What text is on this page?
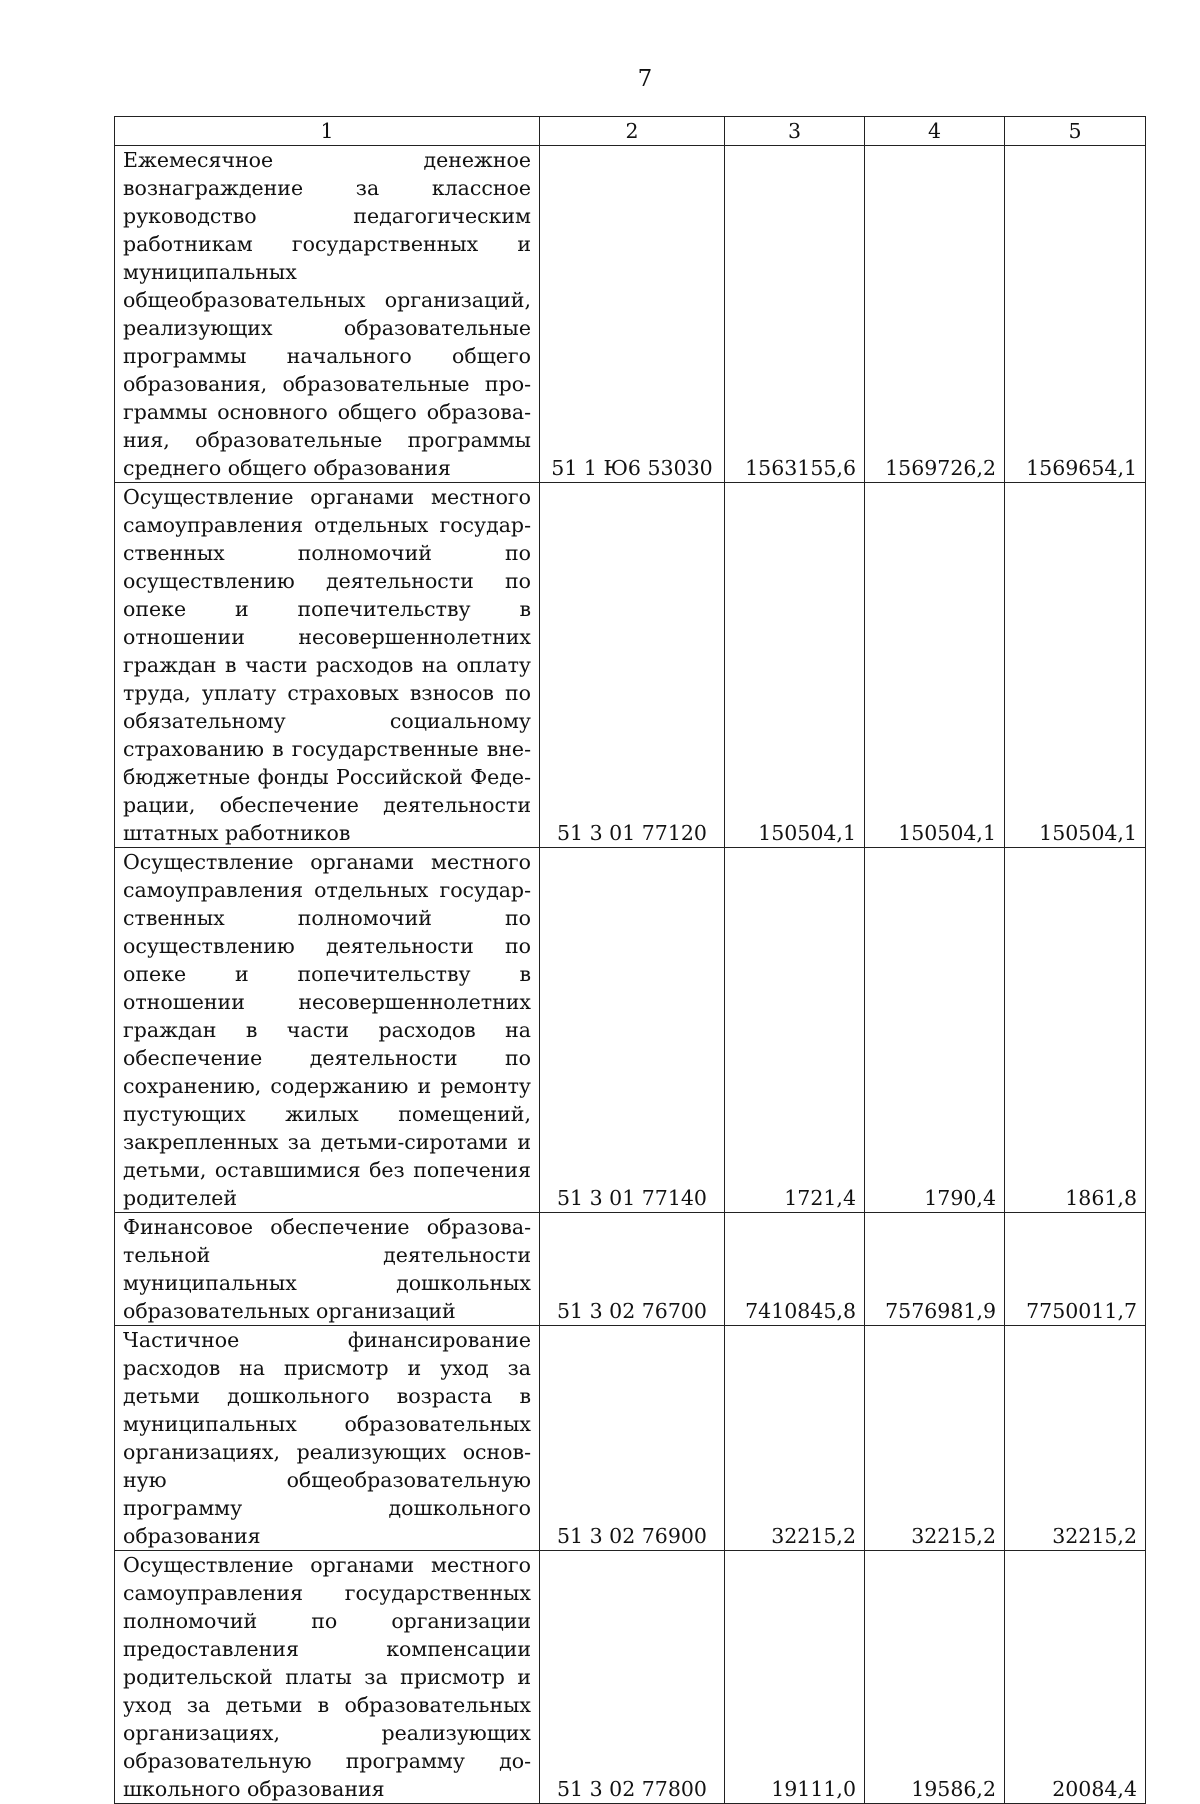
7
1	2	3	4	5
Ежемесячное денежное вознаграждение за классное руководство педагогическим работникам государственных и муниципальных общеобразовательных организаций, реализующих образовательные программы начального общего образования, образовательные программы основного общего образования, образовательные программы среднего общего образования	51 1 Ю6 53030	1563155,6	1569726,2	1569654,1
Осуществление органами местного самоуправления отдельных государственных полномочий по осуществлению деятельности по опеке и попечительству в отношении несовершеннолетних граждан в части расходов на оплату труда, уплату страховых взносов по обязательному социальному страхованию в государственные внебюджетные фонды Российской Федерации, обеспечение деятельности штатных работников	51 3 01 77120	150504,1	150504,1	150504,1
Осуществление органами местного самоуправления отдельных государственных полномочий по осуществлению деятельности по опеке и попечительству в отношении несовершеннолетних граждан в части расходов на обеспечение деятельности по сохранению, содержанию и ремонту пустующих жилых помещений, закрепленных за детьми-сиротами и детьми, оставшимися без попечения родителей	51 3 01 77140	1721,4	1790,4	1861,8
Финансовое обеспечение образовательной деятельности муниципальных дошкольных образовательных организаций	51 3 02 76700	7410845,8	7576981,9	7750011,7
Частичное финансирование расходов на присмотр и уход за детьми дошкольного возраста в муниципальных образовательных организациях, реализующих основную общеобразовательную программу дошкольного образования	51 3 02 76900	32215,2	32215,2	32215,2
Осуществление органами местного самоуправления государственных полномочий по организации предоставления компенсации родительской платы за присмотр и уход за детьми в образовательных организациях, реализующих образовательную программу дошкольного образования	51 3 02 77800	19111,0	19586,2	20084,4
